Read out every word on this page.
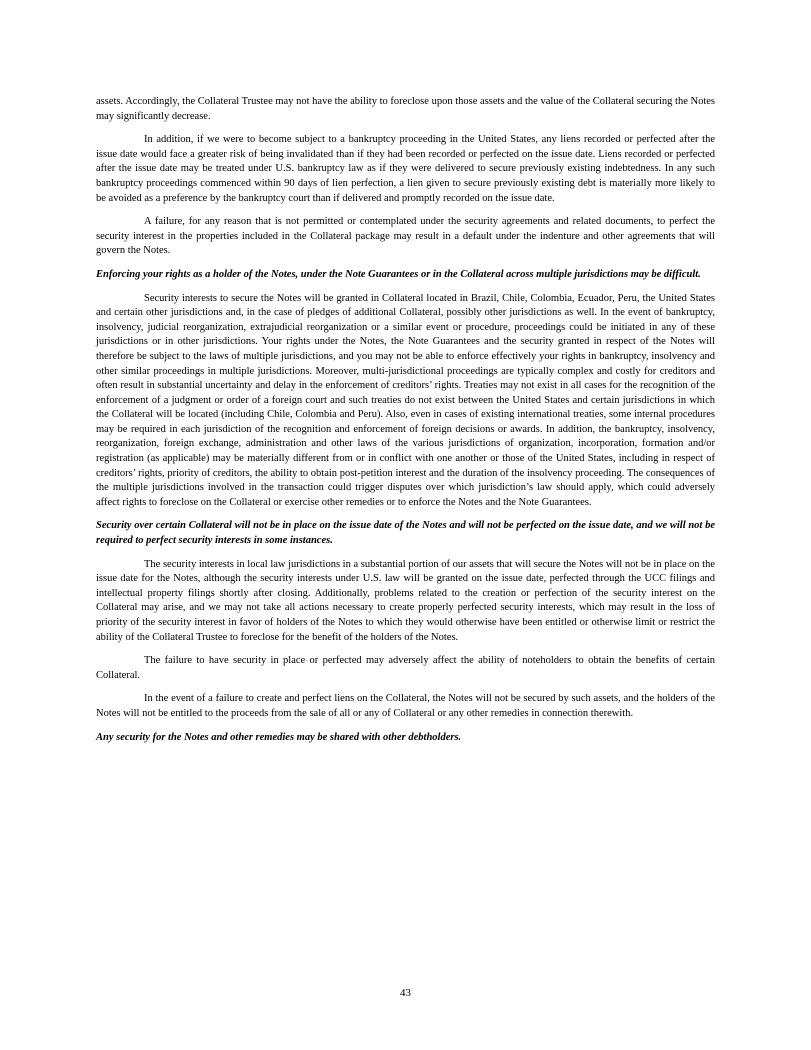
assets. Accordingly, the Collateral Trustee may not have the ability to foreclose upon those assets and the value of the Collateral securing the Notes may significantly decrease.

In addition, if we were to become subject to a bankruptcy proceeding in the United States, any liens recorded or perfected after the issue date would face a greater risk of being invalidated than if they had been recorded or perfected on the issue date. Liens recorded or perfected after the issue date may be treated under U.S. bankruptcy law as if they were delivered to secure previously existing indebtedness. In any such bankruptcy proceedings commenced within 90 days of lien perfection, a lien given to secure previously existing debt is materially more likely to be avoided as a preference by the bankruptcy court than if delivered and promptly recorded on the issue date.

A failure, for any reason that is not permitted or contemplated under the security agreements and related documents, to perfect the security interest in the properties included in the Collateral package may result in a default under the indenture and other agreements that will govern the Notes.

Enforcing your rights as a holder of the Notes, under the Note Guarantees or in the Collateral across multiple jurisdictions may be difficult.

Security interests to secure the Notes will be granted in Collateral located in Brazil, Chile, Colombia, Ecuador, Peru, the United States and certain other jurisdictions and, in the case of pledges of additional Collateral, possibly other jurisdictions as well. In the event of bankruptcy, insolvency, judicial reorganization, extrajudicial reorganization or a similar event or procedure, proceedings could be initiated in any of these jurisdictions or in other jurisdictions. Your rights under the Notes, the Note Guarantees and the security granted in respect of the Notes will therefore be subject to the laws of multiple jurisdictions, and you may not be able to enforce effectively your rights in bankruptcy, insolvency and other similar proceedings in multiple jurisdictions. Moreover, multi-jurisdictional proceedings are typically complex and costly for creditors and often result in substantial uncertainty and delay in the enforcement of creditors’ rights. Treaties may not exist in all cases for the recognition of the enforcement of a judgment or order of a foreign court and such treaties do not exist between the United States and certain jurisdictions in which the Collateral will be located (including Chile, Colombia and Peru). Also, even in cases of existing international treaties, some internal procedures may be required in each jurisdiction of the recognition and enforcement of foreign decisions or awards. In addition, the bankruptcy, insolvency, reorganization, foreign exchange, administration and other laws of the various jurisdictions of organization, incorporation, formation and/or registration (as applicable) may be materially different from or in conflict with one another or those of the United States, including in respect of creditors’ rights, priority of creditors, the ability to obtain post-petition interest and the duration of the insolvency proceeding. The consequences of the multiple jurisdictions involved in the transaction could trigger disputes over which jurisdiction’s law should apply, which could adversely affect rights to foreclose on the Collateral or exercise other remedies or to enforce the Notes and the Note Guarantees.

Security over certain Collateral will not be in place on the issue date of the Notes and will not be perfected on the issue date, and we will not be required to perfect security interests in some instances.

The security interests in local law jurisdictions in a substantial portion of our assets that will secure the Notes will not be in place on the issue date for the Notes, although the security interests under U.S. law will be granted on the issue date, perfected through the UCC filings and intellectual property filings shortly after closing. Additionally, problems related to the creation or perfection of the security interest on the Collateral may arise, and we may not take all actions necessary to create properly perfected security interests, which may result in the loss of priority of the security interest in favor of holders of the Notes to which they would otherwise have been entitled or otherwise limit or restrict the ability of the Collateral Trustee to foreclose for the benefit of the holders of the Notes.

The failure to have security in place or perfected may adversely affect the ability of noteholders to obtain the benefits of certain Collateral.

In the event of a failure to create and perfect liens on the Collateral, the Notes will not be secured by such assets, and the holders of the Notes will not be entitled to the proceeds from the sale of all or any of Collateral or any other remedies in connection therewith.

Any security for the Notes and other remedies may be shared with other debtholders.

43
